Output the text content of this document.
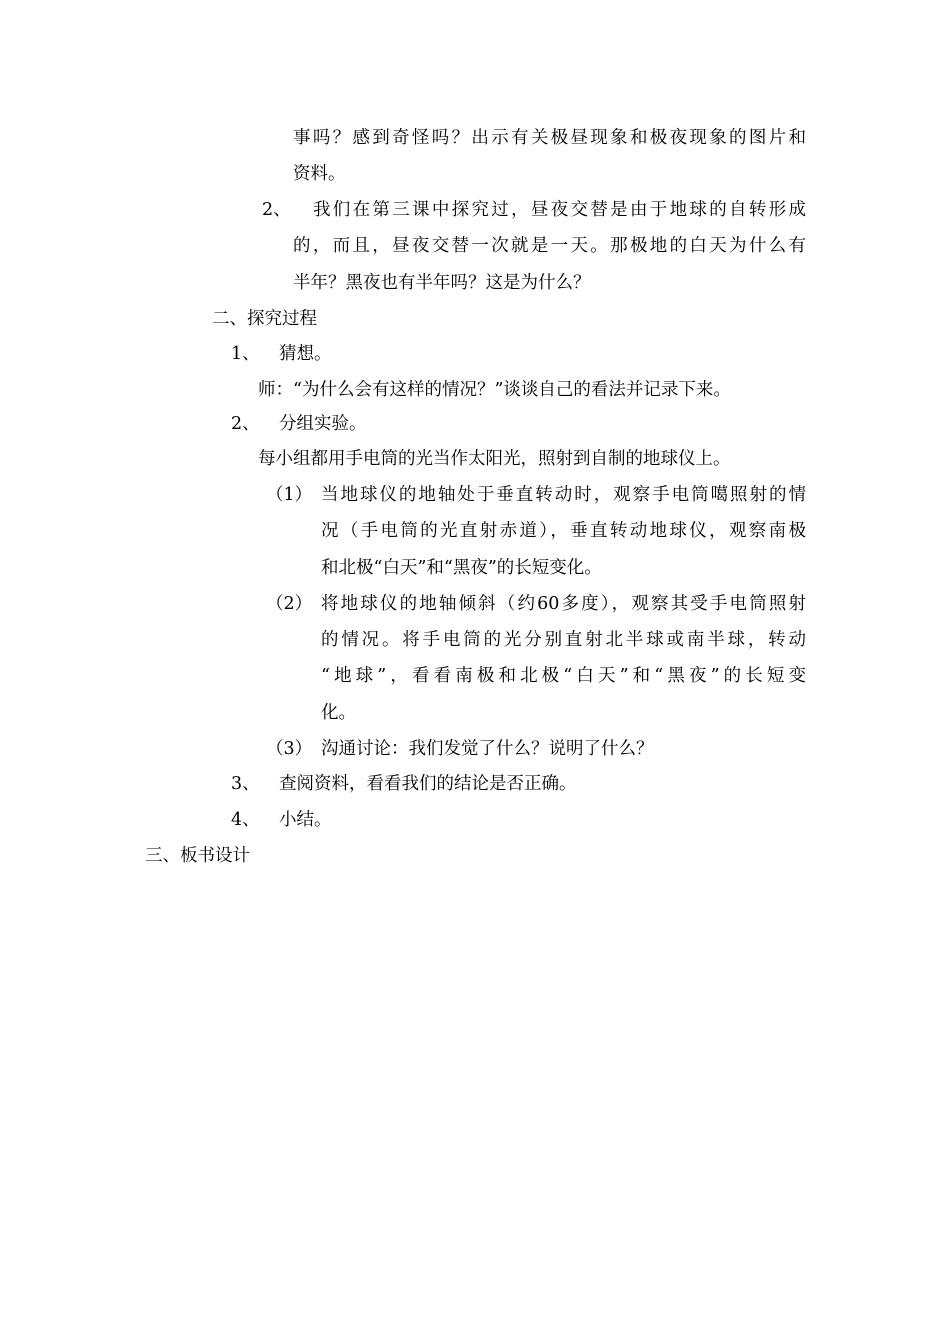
事吗？感到奇怪吗？出示有关极昼现象和极夜现象的图片和
资料。
2、 我们在第三课中探究过，昼夜交替是由于地球的自转形成
的，而且，昼夜交替一次就是一天。那极地的白天为什么有
半年？黑夜也有半年吗？这是为什么？
二、探究过程
1、 猜想。
师：“为什么会有这样的情况？”谈谈自己的看法并记录下来。
2、 分组实验。
每小组都用手电筒的光当作太阳光，照射到自制的地球仪上。
（1） 当地球仪的地轴处于垂直转动时，观察手电筒噶照射的情
况（手电筒的光直射赤道），垂直转动地球仪，观察南极
和北极“白天”和“黑夜”的长短变化。
（2） 将地球仪的地轴倾斜（约60多度），观察其受手电筒照射
的情况。将手电筒的光分别直射北半球或南半球，转动
“地球”，看看南极和北极“白天”和“黑夜”的长短变
化。
（3） 沟通讨论：我们发觉了什么？说明了什么？
3、 查阅资料，看看我们的结论是否正确。
4、 小结。
三、板书设计
